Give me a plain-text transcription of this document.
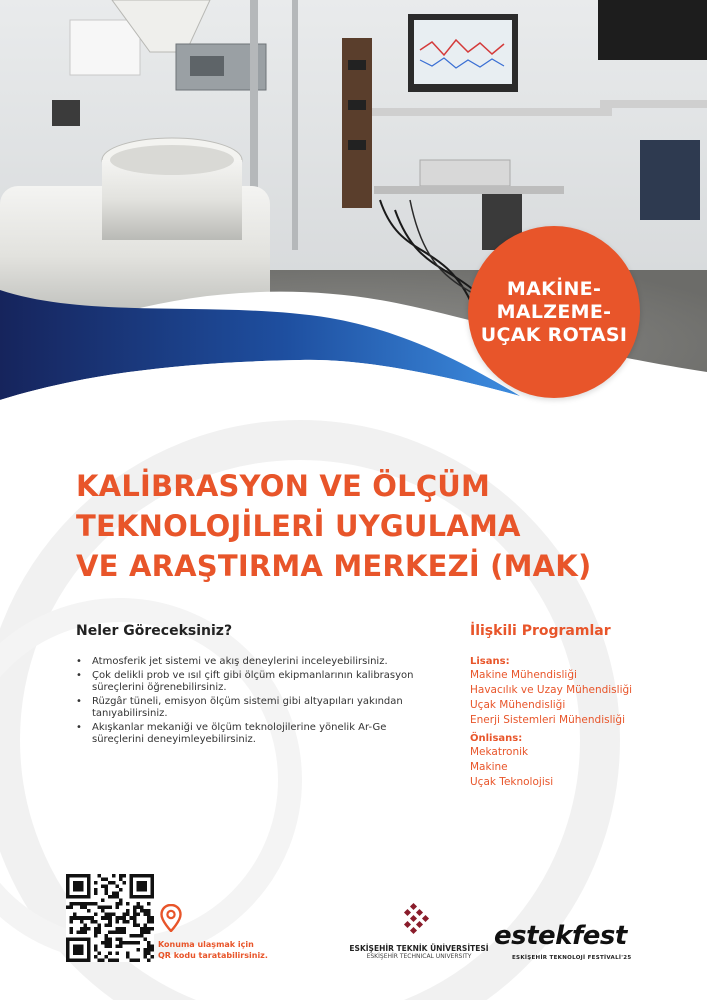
MAKİNE-
MALZEME-
UÇAK ROTASI
KALİBRASYON VE ÖLÇÜM
TEKNOLOJİLERİ UYGULAMA
VE ARAŞTIRMA MERKEZİ (MAK)
Neler Göreceksiniz?
• Atmosferik jet sistemi ve akış deneylerini inceleyebilirsiniz.
• Çok delikli prob ve ısıl çift gibi ölçüm ekipmanlarının kalibrasyon süreçlerini öğrenebilirsiniz.
• Rüzgâr tüneli, emisyon ölçüm sistemi gibi altyapıları yakından tanıyabilirsiniz.
• Akışkanlar mekaniği ve ölçüm teknolojilerine yönelik Ar-Ge süreçlerini deneyimleyebilirsiniz.
İlişkili Programlar
Lisans:
Makine Mühendisliği
Havacılık ve Uzay Mühendisliği
Uçak Mühendisliği
Enerji Sistemleri Mühendisliği
Önlisans:
Mekatronik
Makine
Uçak Teknolojisi
Konuma ulaşmak için
QR kodu taratabilirsiniz.
ESKİŞEHİR TEKNİK ÜNİVERSİTESİ
ESKİŞEHİR TECHNICAL UNIVERSITY
estekfest
ESKİŞEHİR TEKNOLOJİ FESTİVALİ'25
